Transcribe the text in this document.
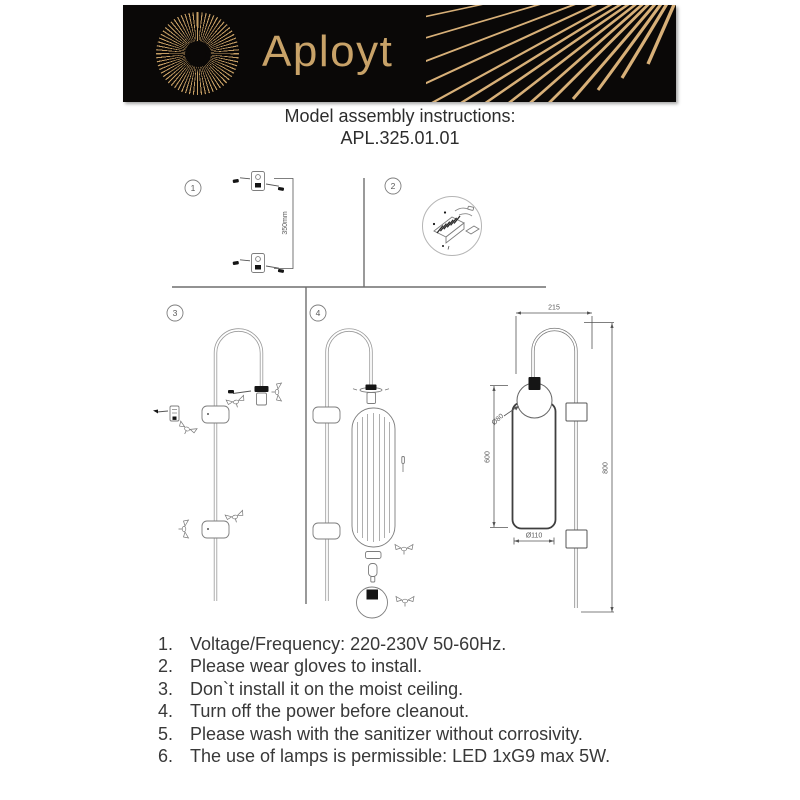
Aployt
Model assembly instructions:
APL.325.01.01
1
350mm
2
3	4	215
800
600
Ø80
Ø110
1. Voltage/Frequency: 220-230V 50-60Hz.
2. Please wear gloves to install.
3. Don`t install it on the moist ceiling.
4. Turn off the power before cleanout.
5. Please wash with the sanitizer without corrosivity.
6. The use of lamps is permissible: LED 1xG9 max 5W.
